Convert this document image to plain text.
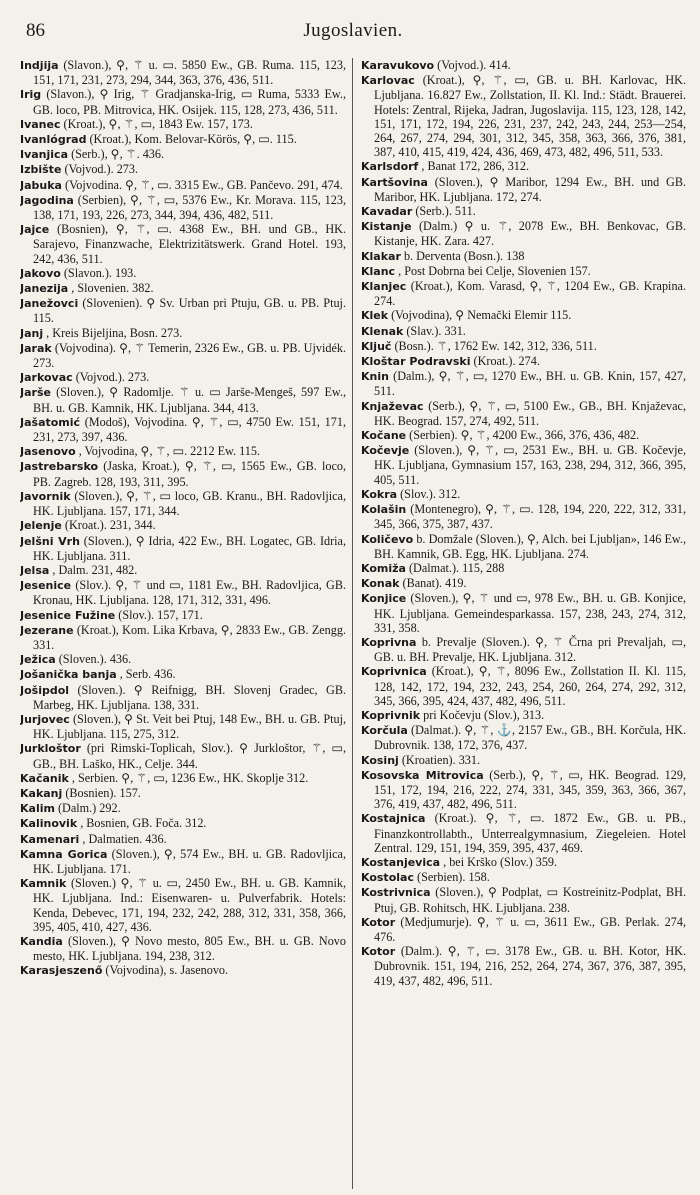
86	Jugoslavien.
Indjija (Slavon.), ⚲, ⚚ u. ▭. 5850 Ew., GB. Ruma. 115, 123, 151, 171, 231, 273, 294, 344, 363, 376, 436, 511.
Irig (Slavon.), ⚲ Irig, ⚚ Gradjanska-Irig, ▭ Ruma, 5333 Ew., GB. loco, PB. Mitrovica, HK. Osijek. 115, 128, 273, 436, 511.
Ivanec (Kroat.), ⚲, ⚚, ▭, 1843 Ew. 157, 173.
Ivanlógrad (Kroat.), Kom. Belovar-Körös, ⚲, ▭. 115.
Ivanjica (Serb.), ⚲, ⚚. 436.
Izbište (Vojvod.). 273.
Jabuka (Vojvodina. ⚲, ⚚, ▭. 3315 Ew., GB. Pančevo. 291, 474.
Jagodina (Serbien), ⚲, ⚚, ▭, 5376 Ew., Kr. Morava. 115, 123, 138, 171, 193, 226, 273, 344, 394, 436, 482, 511.
Jajce (Bosnien), ⚲, ⚚, ▭. 4368 Ew., BH. und GB., HK. Sarajevo, Finanzwache, Elektrizitätswerk. Grand Hotel. 193, 242, 436, 511.
Jakovo (Slavon.). 193.
Janezija , Slovenien. 382.
Janežovci (Slovenien). ⚲ Sv. Urban pri Ptuju, GB. u. PB. Ptuj. 115.
Janj , Kreis Bijeljina, Bosn. 273.
Jarak (Vojvodina). ⚲, ⚚ Temerin, 2326 Ew., GB. u. PB. Ujvidék. 273.
Jarkovac (Vojvod.). 273.
Jarše (Sloven.), ⚲ Radomlje. ⚚ u. ▭ Jarše-Mengeš, 597 Ew., BH. u. GB. Kamnik, HK. Ljubljana. 344, 413.
Jašatomić (Modoš), Vojvodina. ⚲, ⚚, ▭, 4750 Ew. 151, 171, 231, 273, 397, 436.
Jasenovo , Vojvodina, ⚲, ⚚, ▭. 2212 Ew. 115.
Jastrebarsko (Jaska, Kroat.), ⚲, ⚚, ▭, 1565 Ew., GB. loco, PB. Zagreb. 128, 193, 311, 395.
Javornik (Sloven.), ⚲, ⚚, ▭ loco, GB. Kranu., BH. Radovljica, HK. Ljubljana. 157, 171, 344.
Jelenje (Kroat.). 231, 344.
Jelšni Vrh (Sloven.), ⚲ Idria, 422 Ew., BH. Logatec, GB. Idria, HK. Ljubljana. 311.
Jelsa , Dalm. 231, 482.
Jesenice (Slov.). ⚲, ⚚ und ▭, 1181 Ew., BH. Radovljica, GB. Kronau, HK. Ljubljana. 128, 171, 312, 331, 496.
Jesenice Fužine (Slov.). 157, 171.
Jezerane (Kroat.), Kom. Lika Krbava, ⚲, 2833 Ew., GB. Zengg. 331.
Ježica (Sloven.). 436.
Jošanička banja , Serb. 436.
Jošipdol (Sloven.). ⚲ Reifnigg, BH. Slovenj Gradec, GB. Marbeg, HK. Ljubljana. 138, 331.
Jurjovec (Sloven.), ⚲ St. Veit bei Ptuj, 148 Ew., BH. u. GB. Ptuj, HK. Ljubljana. 115, 275, 312.
Jurkloštor (pri Rimski-Toplicah, Slov.). ⚲ Jurkloštor, ⚚, ▭, GB., BH. Laško, HK., Celje. 344.
Kačanik , Serbien. ⚲, ⚚, ▭, 1236 Ew., HK. Skoplje 312.
Kakanj (Bosnien). 157.
Kalim (Dalm.) 292.
Kalinovik , Bosnien, GB. Foča. 312.
Kamenari , Dalmatien. 436.
Kamna Gorica (Sloven.), ⚲, 574 Ew., BH. u. GB. Radovljica, HK. Ljubljana. 171.
Kamnik (Sloven.) ⚲, ⚚ u. ▭, 2450 Ew., BH. u. GB. Kamnik, HK. Ljubljana. Ind.: Eisenwaren- u. Pulverfabrik. Hotels: Kenda, Debevec, 171, 194, 232, 242, 288, 312, 331, 358, 366, 395, 405, 410, 427, 436.
Kandia (Sloven.), ⚲ Novo mesto, 805 Ew., BH. u. GB. Novo mesto, HK. Ljubljana. 194, 238, 312.
Karasjeszenő (Vojvodina), s. Jasenovo.
Karavukovo (Vojvod.). 414.
Karlovac (Kroat.), ⚲, ⚚, ▭, GB. u. BH. Karlovac, HK. Ljubljana. 16.827 Ew., Zollstation, II. Kl. Ind.: Städt. Brauerei. Hotels: Zentral, Rijeka, Jadran, Jugoslavija. 115, 123, 128, 142, 151, 171, 172, 194, 226, 231, 237, 242, 243, 244, 253—254, 264, 267, 274, 294, 301, 312, 345, 358, 363, 366, 376, 381, 387, 410, 415, 419, 424, 436, 469, 473, 482, 496, 511, 533.
Karlsdorf , Banat 172, 286, 312.
Kartšovina (Sloven.), ⚲ Maribor, 1294 Ew., BH. und GB. Maribor, HK. Ljubljana. 172, 274.
Kavadar (Serb.). 511.
Kistanje (Dalm.) ⚲ u. ⚚, 2078 Ew., BH. Benkovac, GB. Kistanje, HK. Zara. 427.
Klakar b. Derventa (Bosn.). 138
Klanc , Post Dobrna bei Celje, Slovenien 157.
Klanjec (Kroat.), Kom. Varasd, ⚲, ⚚, 1204 Ew., GB. Krapina. 274.
Klek (Vojvodina), ⚲ Nemački Elemir 115.
Klenak (Slav.). 331.
Ključ (Bosn.). ⚚, 1762 Ew. 142, 312, 336, 511.
Kloštar Podravski (Kroat.). 274.
Knin (Dalm.), ⚲, ⚚, ▭, 1270 Ew., BH. u. GB. Knin, 157, 427, 511.
Knjaževac (Serb.), ⚲, ⚚, ▭, 5100 Ew., GB., BH. Knjaževac, HK. Beograd. 157, 274, 492, 511.
Kočane (Serbien). ⚲, ⚚, 4200 Ew., 366, 376, 436, 482.
Kočevje (Sloven.), ⚲, ⚚, ▭, 2531 Ew., BH. u. GB. Kočevje, HK. Ljubljana, Gymnasium 157, 163, 238, 294, 312, 366, 395, 405, 511.
Kokra (Slov.). 312.
Kolašin (Montenegro), ⚲, ⚚, ▭. 128, 194, 220, 222, 312, 331, 345, 366, 375, 387, 437.
Količevo b. Domžale (Sloven.), ⚲, Alch. bei Ljubljan», 146 Ew., BH. Kamnik, GB. Egg, HK. Ljubljana. 274.
Komiža (Dalmat.). 115, 288
Konak (Banat). 419.
Konjice (Sloven.), ⚲, ⚚ und ▭, 978 Ew., BH. u. GB. Konjice, HK. Ljubljana. Gemeindesparkassa. 157, 238, 243, 274, 312, 331, 358.
Koprivna b. Prevalje (Sloven.). ⚲, ⚚ Črna pri Prevaljah, ▭, GB. u. BH. Prevalje, HK. Ljubljana. 312.
Koprivnica (Kroat.), ⚲, ⚚, 8096 Ew., Zollstation II. Kl. 115, 128, 142, 172, 194, 232, 243, 254, 260, 264, 274, 292, 312, 345, 366, 395, 424, 437, 482, 496, 511.
Koprivnik pri Kočevju (Slov.), 313.
Korčula (Dalmat.). ⚲, ⚚, ⚓, 2157 Ew., GB., BH. Korčula, HK. Dubrovnik. 138, 172, 376, 437.
Kosinj (Kroatien). 331.
Kosovska Mitrovica (Serb.), ⚲, ⚚, ▭, HK. Beograd. 129, 151, 172, 194, 216, 222, 274, 331, 345, 359, 363, 366, 367, 376, 419, 437, 482, 496, 511.
Kostajnica (Kroat.). ⚲, ⚚, ▭. 1872 Ew., GB. u. PB., Finanzkontrollabth., Unterrealgymnasium, Ziegeleien. Hotel Zentral. 129, 151, 194, 359, 395, 437, 469.
Kostanjevica , bei Krško (Slov.) 359.
Kostolac (Serbien). 158.
Kostrivnica (Sloven.), ⚲ Podplat, ▭ Kostreinitz-Podplat, BH. Ptuj, GB. Rohitsch, HK. Ljubljana. 238.
Kotor (Medjumurje). ⚲, ⚚ u. ▭, 3611 Ew., GB. Perlak. 274, 476.
Kotor (Dalm.). ⚲, ⚚, ▭. 3178 Ew., GB. u. BH. Kotor, HK. Dubrovnik. 151, 194, 216, 252, 264, 274, 367, 376, 387, 395, 419, 437, 482, 496, 511.
